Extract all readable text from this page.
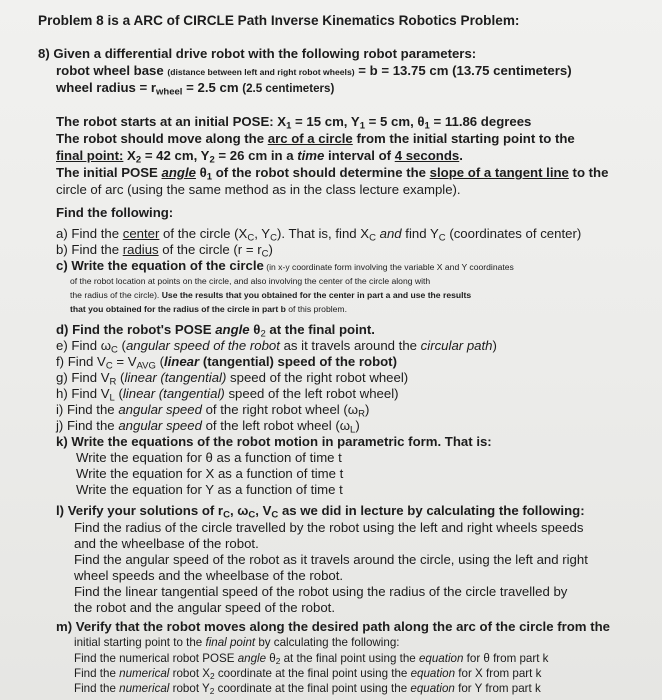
Problem 8 is a ARC of CIRCLE Path Inverse Kinematics Robotics Problem:
8) Given a differential drive robot with the following robot parameters:
robot wheel base (distance between left and right robot wheels) = b = 13.75 cm (13.75 centimeters)
wheel radius = $r_{wheel} = 2.5$ cm (2.5 centimeters)
The robot starts at an initial POSE: $X_1 = 15$ cm, $Y_1 = 5$ cm, $\theta_1 = 11.86$ degrees
The robot should move along the arc of a circle from the initial starting point to the
final point: $X_2 = 42$ cm, $Y_2 = 26$ cm in a time interval of 4 seconds.
The initial POSE angle $\theta_1$ of the robot should determine the slope of a tangent line to the
circle of arc (using the same method as in the class lecture example).
Find the following:
a) Find the center of the circle ($X_C$, $Y_C$). That is, find $X_C$ and find $Y_C$ (coordinates of center)
b) Find the radius of the circle $(r = r_C)$
c) Write the equation of the circle (in x-y coordinate form involving the variable X and Y coordinates
of the robot location at points on the circle, and also involving the center of the circle along with
the radius of the circle). Use the results that you obtained for the center in part a and use the results
that you obtained for the radius of the circle in part b of this problem.
d) Find the robot's POSE angle $\theta_2$ at the final point.
e) Find $\omega_C$ (angular speed of the robot as it travels around the circular path)
f) Find $V_C = V_{AVG}$ (linear (tangential) speed of the robot)
g) Find $V_R$ (linear (tangential) speed of the right robot wheel)
h) Find $V_L$ (linear (tangential) speed of the left robot wheel)
i) Find the angular speed of the right robot wheel $(\omega_R)$
j) Find the angular speed of the left robot wheel $(\omega_L)$
k) Write the equations of the robot motion in parametric form. That is:
Write the equation for θ as a function of time t
Write the equation for X as a function of time t
Write the equation for Y as a function of time t
l) Verify your solutions of $r_C$, $\omega_C$, $V_C$ as we did in lecture by calculating the following:
Find the radius of the circle travelled by the robot using the left and right wheels speeds
and the wheelbase of the robot.
Find the angular speed of the robot as it travels around the circle, using the left and right
wheel speeds and the wheelbase of the robot.
Find the linear tangential speed of the robot using the radius of the circle travelled by
the robot and the angular speed of the robot.
m) Verify that the robot moves along the desired path along the arc of the circle from the
initial starting point to the final point by calculating the following:
Find the numerical robot POSE angle $\theta_2$ at the final point using the equation for θ from part k
Find the numerical robot $X_2$ coordinate at the final point using the equation for X from part k
Find the numerical robot $Y_2$ coordinate at the final point using the equation for Y from part k
